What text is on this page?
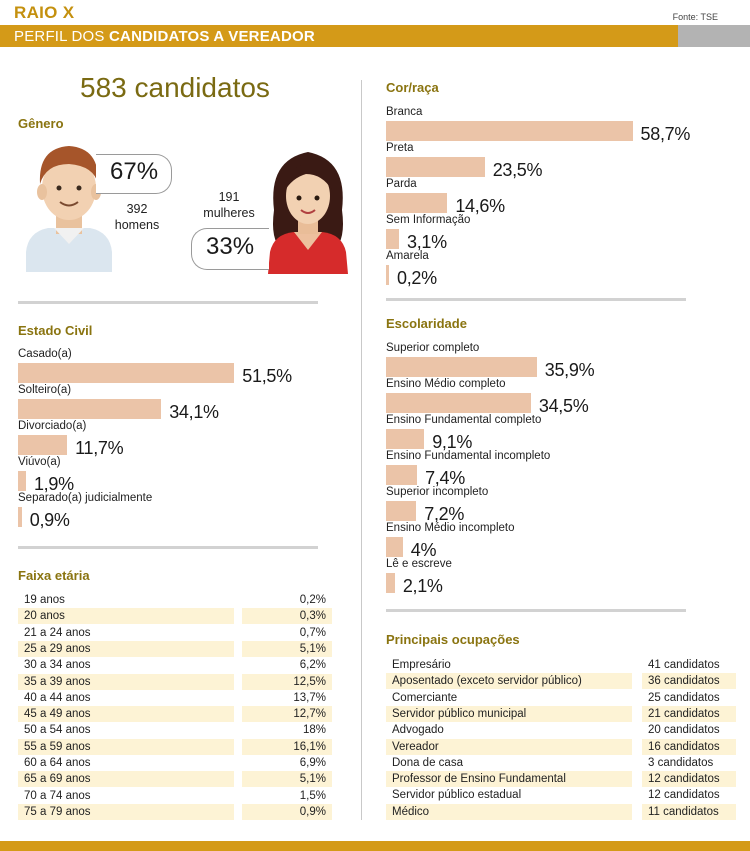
RAIO X	Fonte: TSE
PERFIL DOS CANDIDATOS A VEREADOR
583 candidatos
Gênero
67%
392
homens
191
mulheres
33%
Estado Civil
Casado(a)
51,5%
Solteiro(a)
34,1%
Divorciado(a)
11,7%
Viúvo(a)
1,9%
Separado(a) judicialmente
0,9%
Faixa etária
19 anos	0,2%
20 anos	0,3%
21 a 24 anos	0,7%
25 a 29 anos	5,1%
30 a 34 anos	6,2%
35 a 39 anos	12,5%
40 a 44 anos	13,7%
45 a 49 anos	12,7%
50 a 54 anos	18%
55 a 59 anos	16,1%
60 a 64 anos	6,9%
65 a 69 anos	5,1%
70 a 74 anos	1,5%
75 a 79 anos	0,9%
Cor/raça
Branca
58,7%
Preta
23,5%
Parda
14,6%
Sem Informação
3,1%
Amarela
0,2%
Escolaridade
Superior completo
35,9%
Ensino Médio completo
34,5%
Ensino Fundamental completo
9,1%
Ensino Fundamental incompleto
7,4%
Superior incompleto
7,2%
Ensino Médio incompleto
4%
Lê e escreve
2,1%
Principais ocupações
Empresário	41 candidatos
Aposentado (exceto servidor público)	36 candidatos
Comerciante	25 candidatos
Servidor público municipal	21 candidatos
Advogado	20 candidatos
Vereador	16 candidatos
Dona de casa	3 candidatos
Professor de Ensino Fundamental	12 candidatos
Servidor público estadual	12 candidatos
Médico	11 candidatos
